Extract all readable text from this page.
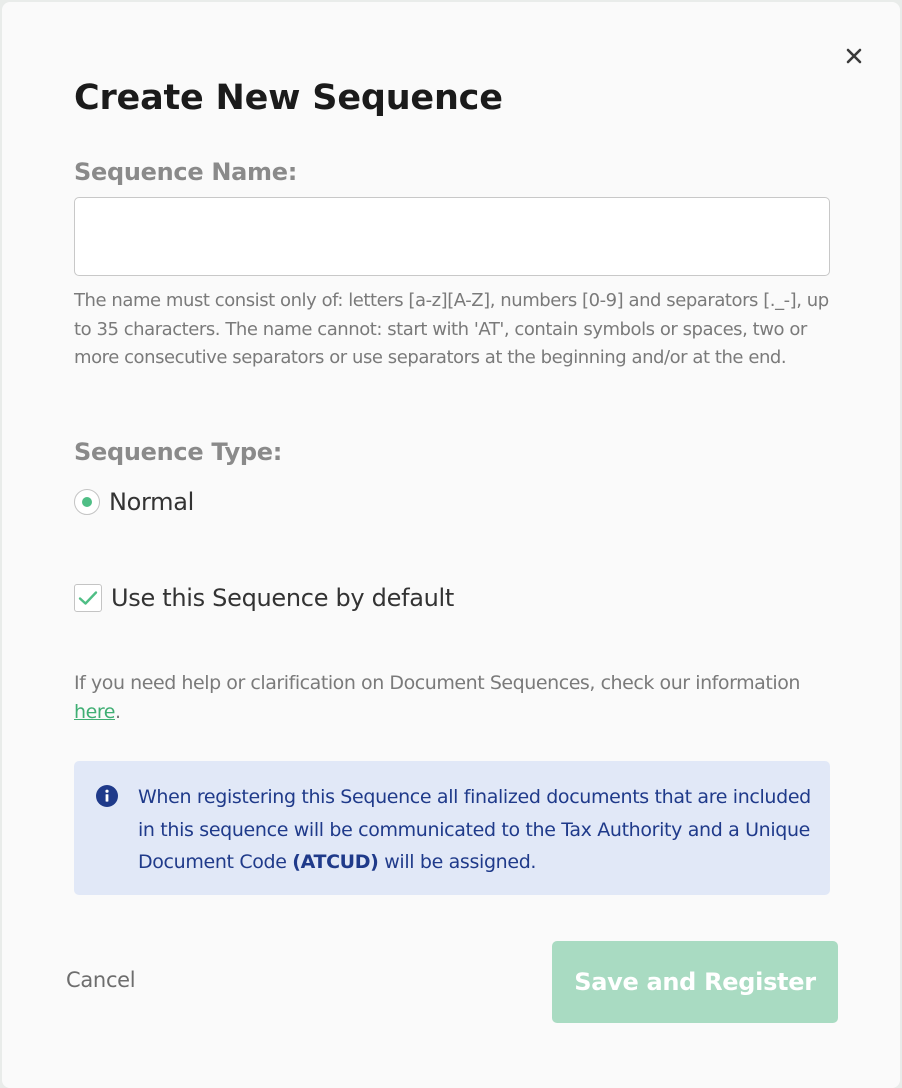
Create New Sequence
Sequence Name:
The name must consist only of: letters [a-z][A-Z], numbers [0-9] and separators [._-], up to 35 characters. The name cannot: start with 'AT', contain symbols or spaces, two or more consecutive separators or use separators at the beginning and/or at the end.
Sequence Type:
Normal
Use this Sequence by default
If you need help or clarification on Document Sequences, check our information here.
When registering this Sequence all finalized documents that are included in this sequence will be communicated to the Tax Authority and a Unique Document Code (ATCUD) will be assigned.
Cancel	Save and Register
